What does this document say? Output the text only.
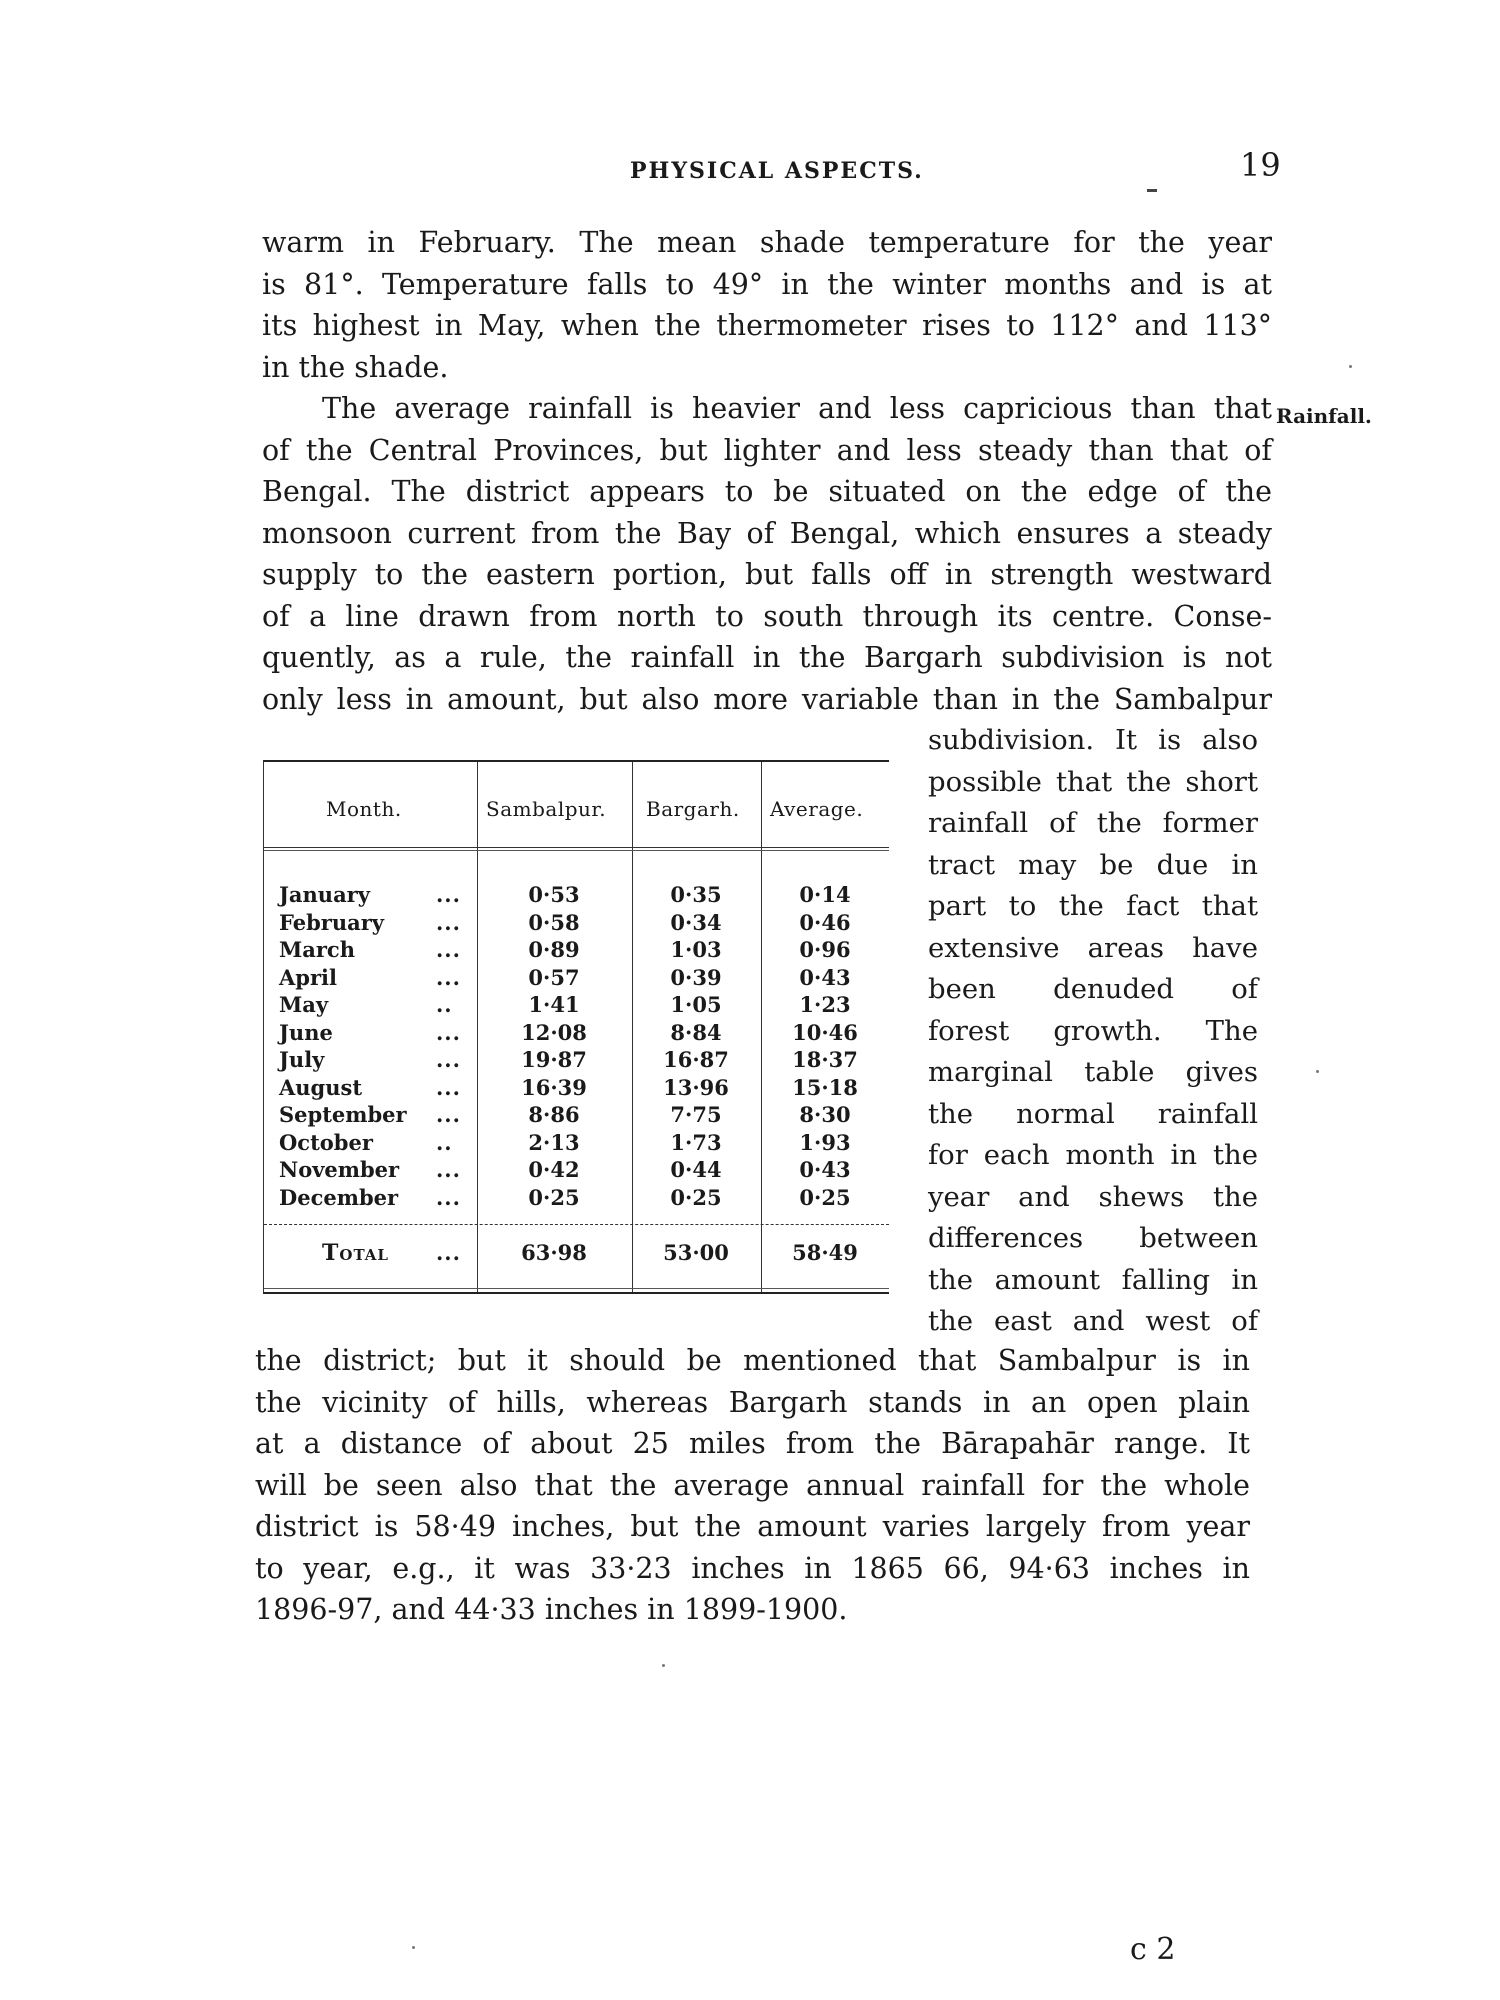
PHYSICAL ASPECTS.	19
warm in February. The mean shade temperature for the year
is 81°. Temperature falls to 49° in the winter months and is at
its highest in May, when the thermometer rises to 112° and 113°
in the shade.
Rainfall.
The average rainfall is heavier and less capricious than that
of the Central Provinces, but lighter and less steady than that of
Bengal. The district appears to be situated on the edge of the
monsoon current from the Bay of Bengal, which ensures a steady
supply to the eastern portion, but falls off in strength westward
of a line drawn from north to south through its centre. Conse-
quently, as a rule, the rainfall in the Bargarh subdivision is not
only less in amount, but also more variable than in the Sambalpur
subdivision. It is also
possible that the short
rainfall of the former
tract may be due in
part to the fact that
extensive areas have
been denuded of
forest growth. The
marginal table gives
the normal rainfall
for each month in the
year and shews the
differences between
the amount falling in
the east and west of
Month.	Sambalpur. Bargarh. Average.
January	...	0·53	0·35	0·14
February ...	0·58	0·34	0·46
March	...	0·89	1·03	0·96
April	...	0·57	0·39	0·43
May	..	1·41	1·05	1·23
June	...	12·08	8·84	10·46
July	...	19·87	16·87	18·37
August	...	16·39	13·96	15·18
September ...	8·86	7·75	8·30
October	..	2·13	1·73	1·93
November ...	0·42	0·44	0·43
December ...	0·25	0·25	0·25
Total ...	63·98	53·00	58·49
the district; but it should be mentioned that Sambalpur is in
the vicinity of hills, whereas Bargarh stands in an open plain
at a distance of about 25 miles from the Bārapahār range. It
will be seen also that the average annual rainfall for the whole
district is 58·49 inches, but the amount varies largely from year
to year, e.g., it was 33·23 inches in 1865 66, 94·63 inches in
1896-97, and 44·33 inches in 1899-1900.
c 2
